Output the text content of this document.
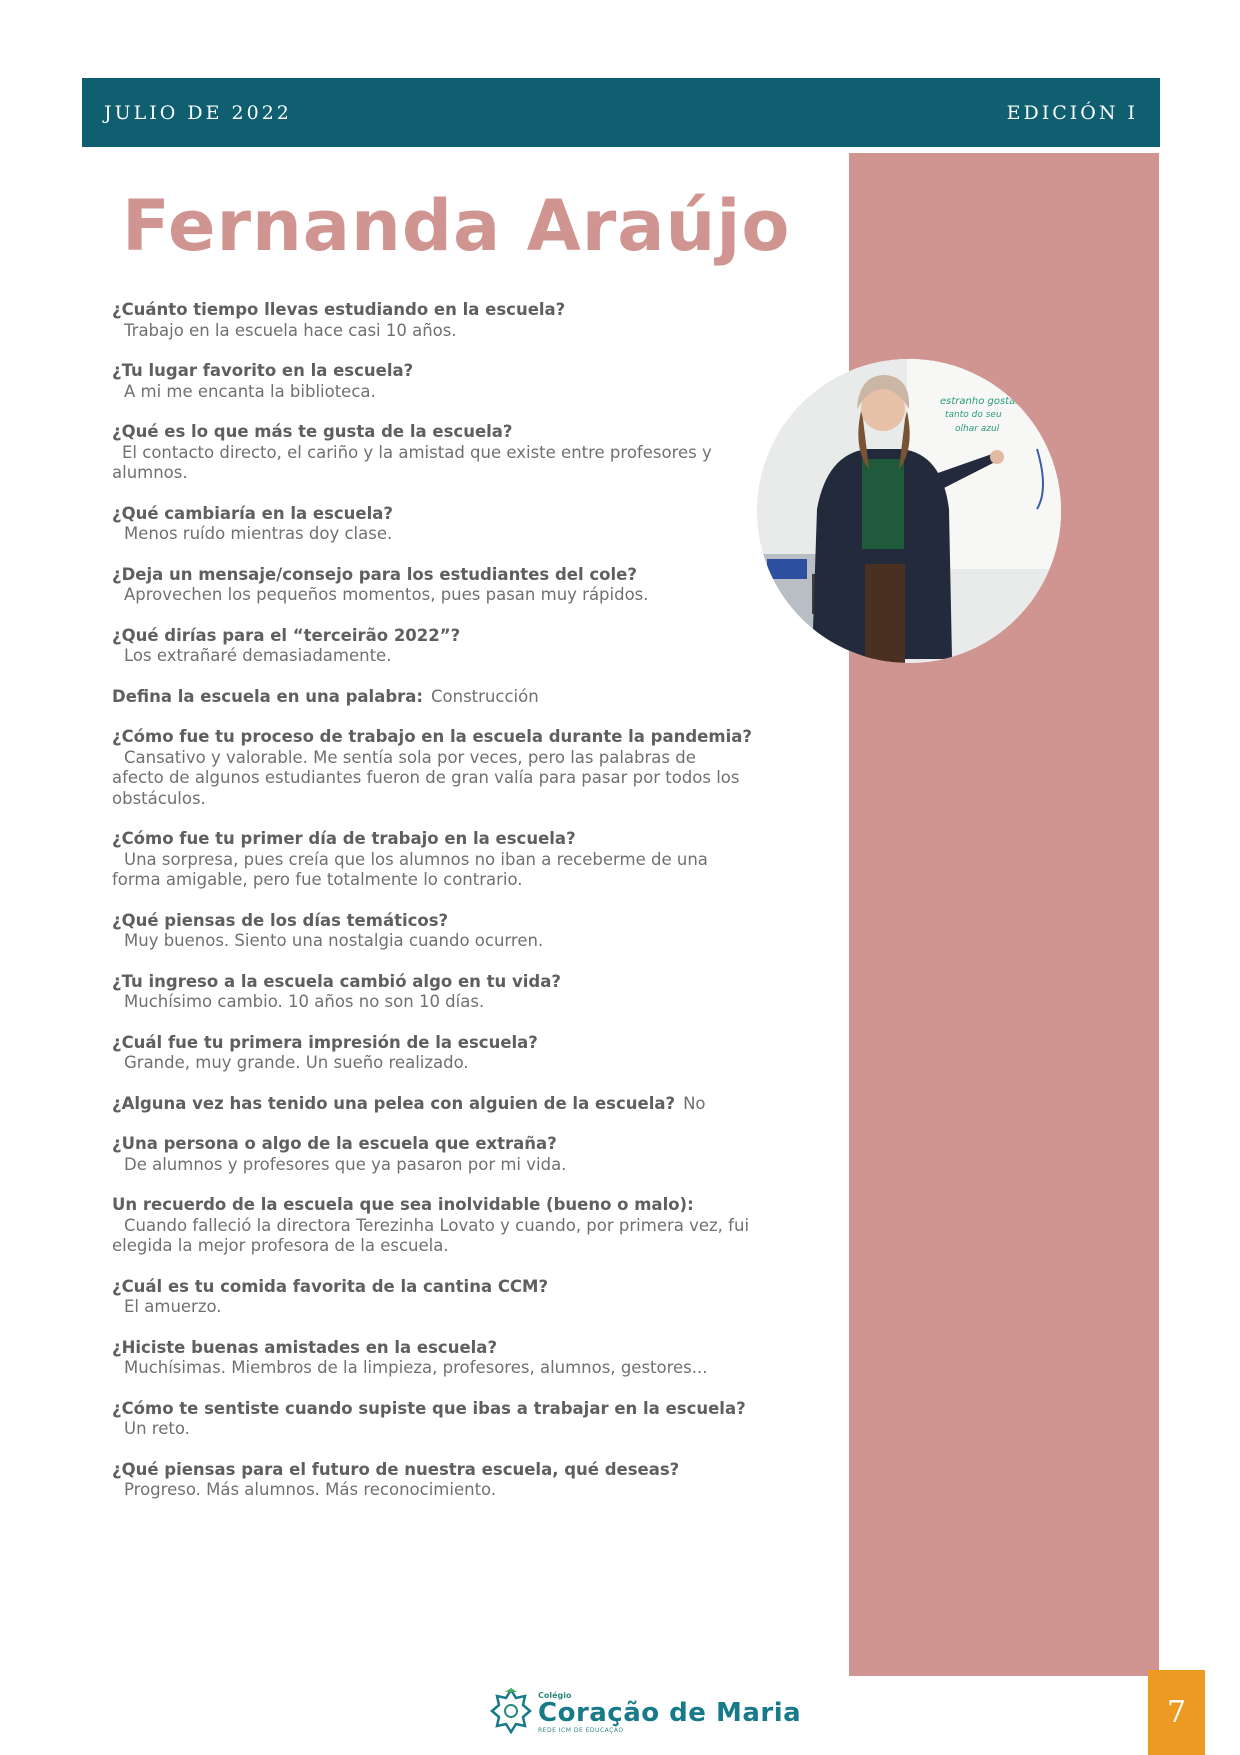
JULIO DE 2022	EDICIÓN I
estranho gostar
tanto do seu
olhar azul
Fernanda Araújo
¿Cuánto tiempo llevas estudiando en la escuela?
Trabajo en la escuela hace casi 10 años.
¿Tu lugar favorito en la escuela?
A mi me encanta la biblioteca.
¿Qué es lo que más te gusta de la escuela?
El contacto directo, el cariño y la amistad que existe entre profesores y alumnos.
¿Qué cambiaría en la escuela?
Menos ruído mientras doy clase.
¿Deja un mensaje/consejo para los estudiantes del cole?
Aprovechen los pequeños momentos, pues pasan muy rápidos.
¿Qué dirías para el “terceirão 2022”?
Los extrañaré demasiadamente.
Defina la escuela en una palabra: Construcción
¿Cómo fue tu proceso de trabajo en la escuela durante la pandemia?
Cansativo y valorable. Me sentía sola por veces, pero las palabras de afecto de algunos estudiantes fueron de gran valía para pasar por todos los obstáculos.
¿Cómo fue tu primer día de trabajo en la escuela?
Una sorpresa, pues creía que los alumnos no iban a receberme de una forma amigable, pero fue totalmente lo contrario.
¿Qué piensas de los días temáticos?
Muy buenos. Siento una nostalgia cuando ocurren.
¿Tu ingreso a la escuela cambió algo en tu vida?
Muchísimo cambio. 10 años no son 10 días.
¿Cuál fue tu primera impresión de la escuela?
Grande, muy grande. Un sueño realizado.
¿Alguna vez has tenido una pelea con alguien de la escuela? No
¿Una persona o algo de la escuela que extraña?
De alumnos y profesores que ya pasaron por mi vida.
Un recuerdo de la escuela que sea inolvidable (bueno o malo):
Cuando falleció la directora Terezinha Lovato y cuando, por primera vez, fui elegida la mejor profesora de la escuela.
¿Cuál es tu comida favorita de la cantina CCM?
El amuerzo.
¿Hiciste buenas amistades en la escuela?
Muchísimas. Miembros de la limpieza, profesores, alumnos, gestores...
¿Cómo te sentiste cuando supiste que ibas a trabajar en la escuela?
Un reto.
¿Qué piensas para el futuro de nuestra escuela, qué deseas?
Progreso. Más alumnos. Más reconocimiento.
Colégio
Coração de Maria
REDE ICM DE EDUCAÇÃO	7
